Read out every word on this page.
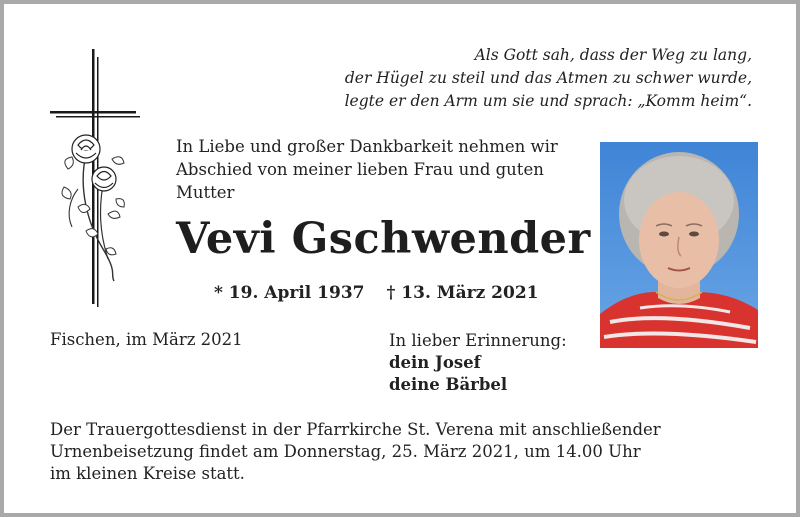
Als Gott sah, dass der Weg zu lang,
der Hügel zu steil und das Atmen zu schwer wurde,
legte er den Arm um sie und sprach: „Komm heim“.
In Liebe und großer Dankbarkeit nehmen wir
Abschied von meiner lieben Frau und guten
Mutter
Vevi Gschwender
* 19. April 1937 † 13. März 2021
Fischen, im März 2021	In lieber Erinnerung:
dein Josef
deine Bärbel
Der Trauergottesdienst in der Pfarrkirche St. Verena mit anschließender
Urnenbeisetzung findet am Donnerstag, 25. März 2021, um 14.00 Uhr
im kleinen Kreise statt.
